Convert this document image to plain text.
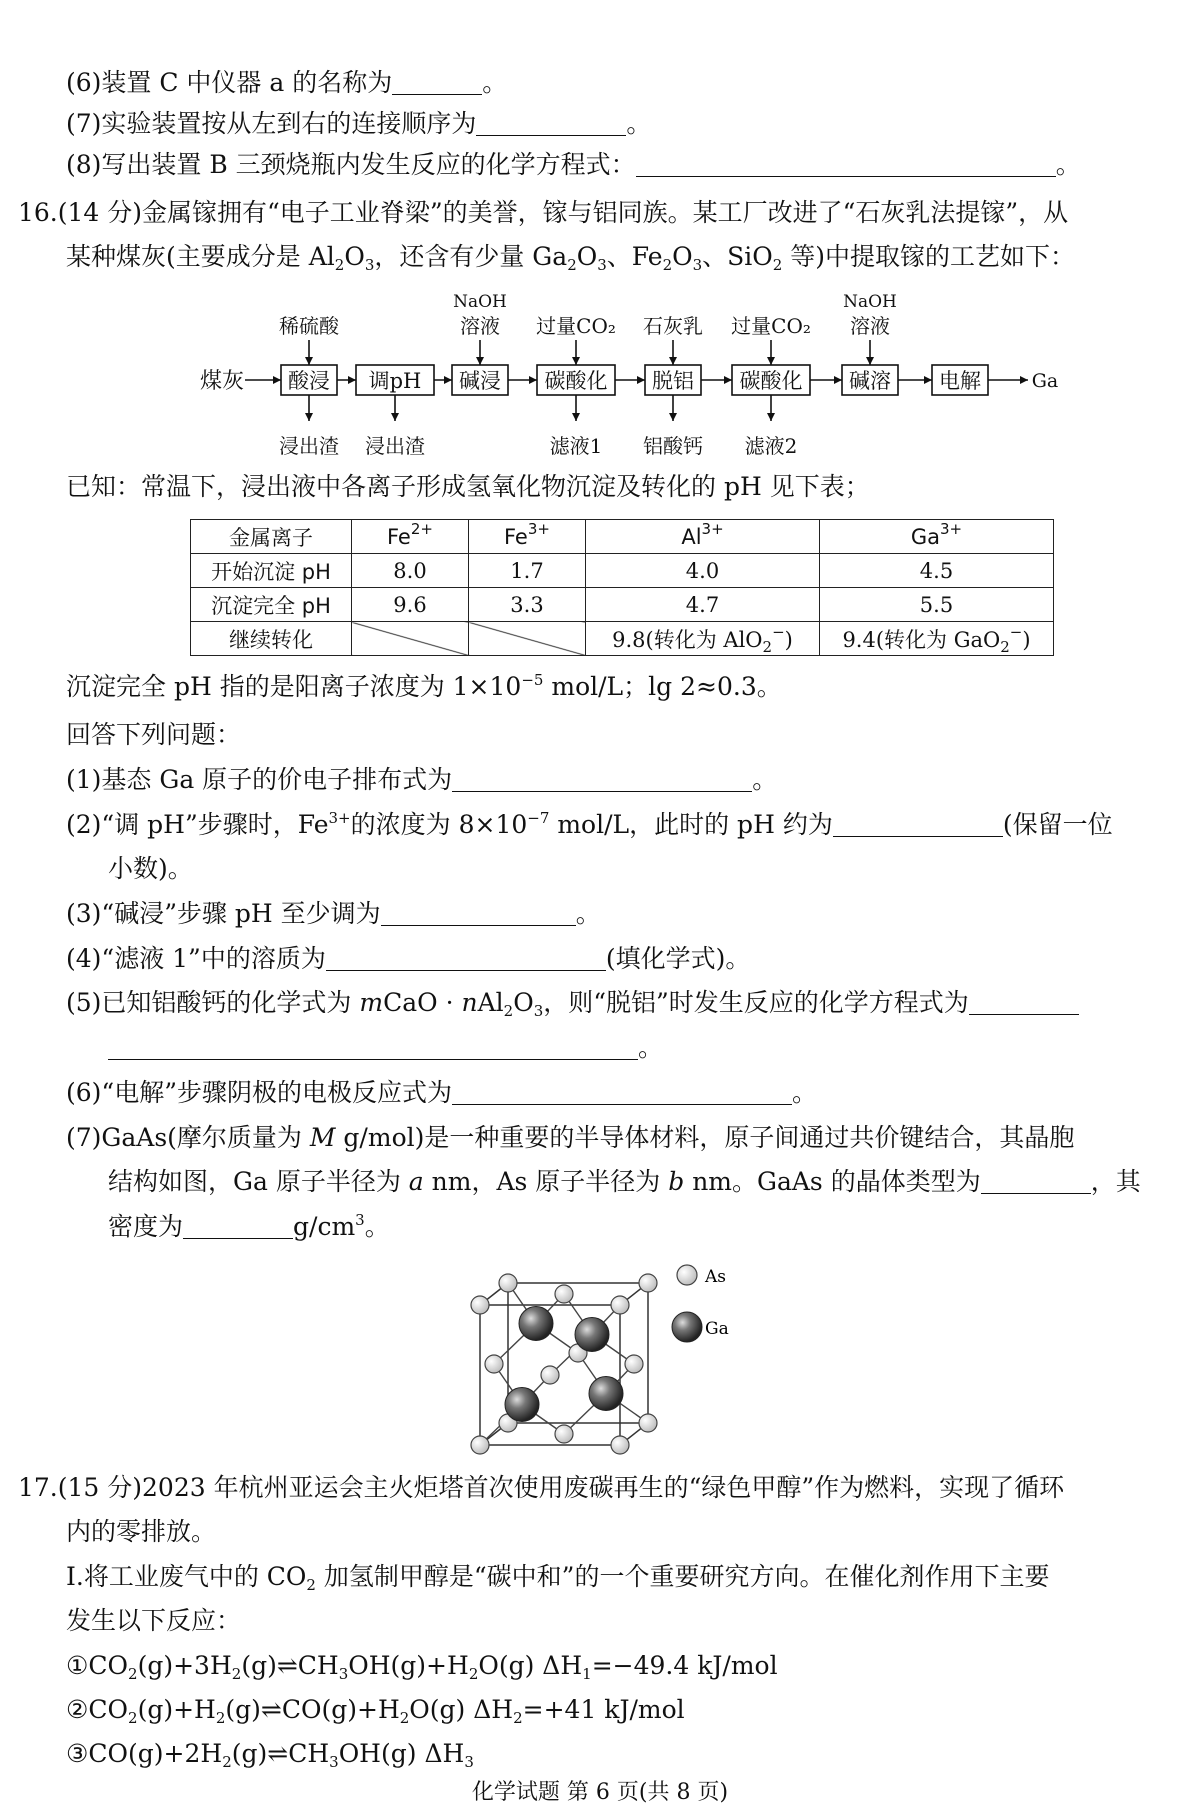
(6)装置 C 中仪器 a 的名称为	。
(7)实验装置按从左到右的连接顺序为	。
(8)写出装置 B 三颈烧瓶内发生反应的化学方程式：	。
16.(14 分)金属镓拥有“电子工业脊梁”的美誉，镓与铝同族。某工厂改进了“石灰乳法提镓”，从
某种煤灰(主要成分是 $Al_2O_3$，还含有少量 $Ga_2O_3$、$Fe_2O_3$、SiO$_2$ 等)中提取镓的工艺如下：
煤灰 酸浸
稀硫酸
浸出渣
调pH
浸出渣
碱浸
NaOH
溶液
碳酸化
过量CO₂
滤液1
脱铝
石灰乳
铝酸钙
碳酸化
过量CO₂
滤液2
碱溶
NaOH
溶液
电解	Ga
已知：常温下，浸出液中各离子形成氢氧化物沉淀及转化的 pH 见下表；
金属离子	$Fe^{2+}$	$Fe^{3+}$	$Al^{3+}$	$Ga^{3+}$
开始沉淀 pH	8.0	1.7	4.0	4.5
沉淀完全 pH	9.6	3.3	4.7	5.5
继续转化			9.8(转化为 AlO$_2$−)	9.4(转化为 GaO$_2$−)
沉淀完全 pH 指的是阳离子浓度为 $1\times 10^{-5}$ mol/L；lg 2≈0.3。
回答下列问题：
(1)基态 Ga 原子的价电子排布式为	。
(2)“调 pH”步骤时，$Fe^{3+}$的浓度为 $8\times 10^{-7}$ mol/L，此时的 pH 约为	(保留一位
小数)。
(3)“碱浸”步骤 pH 至少调为	。
(4)“滤液 1”中的溶质为	(填化学式)。
(5)已知铝酸钙的化学式为 mCaO · $nAl_2O_3$，则“脱铝”时发生反应的化学方程式为
。
(6)“电解”步骤阴极的电极反应式为	。
(7)GaAs(摩尔质量为 M g/mol)是一种重要的半导体材料，原子间通过共价键结合，其晶胞
结构如图，Ga 原子半径为 a nm，As 原子半径为 b nm。GaAs 的晶体类型为	，其
密度为	$g/cm^3$。
As
Ga
17.(15 分)2023 年杭州亚运会主火炬塔首次使用废碳再生的“绿色甲醇”作为燃料，实现了循环
内的零排放。
Ⅰ.将工业废气中的 $CO_2$ 加氢制甲醇是“碳中和”的一个重要研究方向。在催化剂作用下主要
发生以下反应：
$①CO_2(g)+3H_2(g)\rightleftharpoons CH_3OH(g)+H_2O(g)$ $\Delta H_1=-49.4$ kJ/mol
$②CO_2(g)+H_2(g)\rightleftharpoons CO(g)+H_2O(g)$ $\Delta H_2=+41$ kJ/mol
$③CO(g)+2H_2(g)\rightleftharpoons CH_3OH(g)$ $\Delta H_3$
化学试题 第 6 页(共 8 页)
